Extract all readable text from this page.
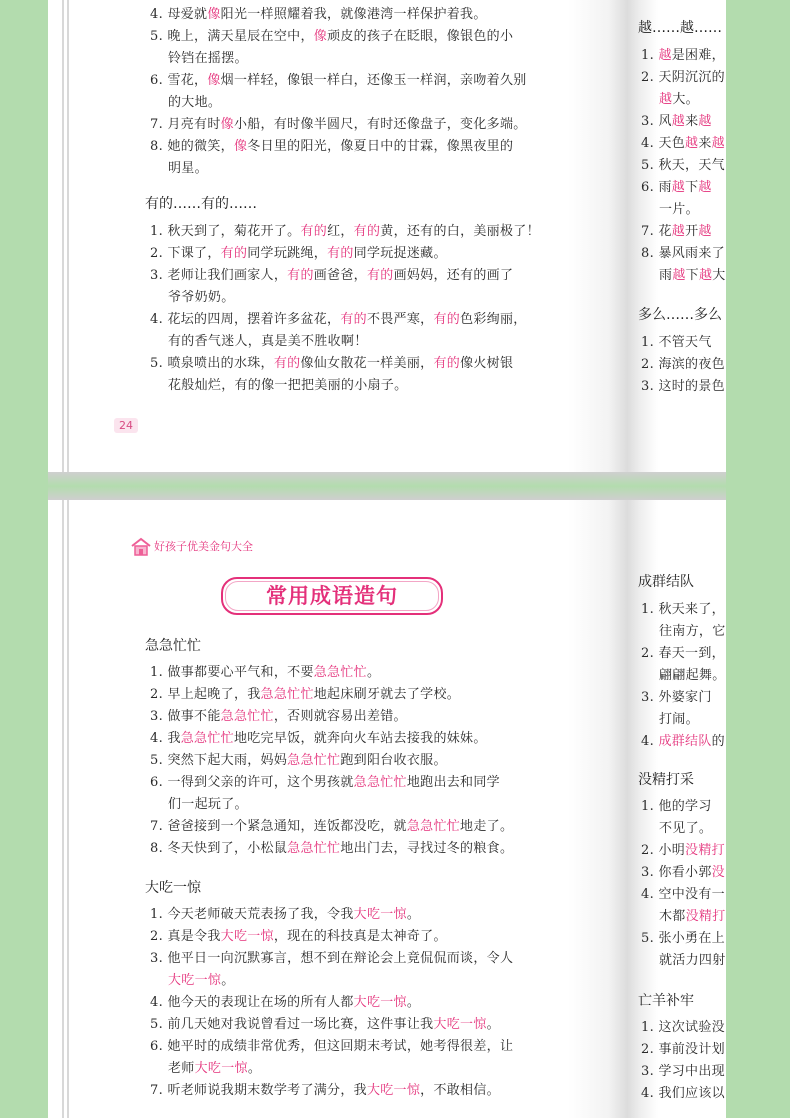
有的……有的……
24
越……越……
多么……多么
好孩子优美金句大全
常用成语造句
急急忙忙
大吃一惊
成群结队
没精打采
亡羊补牢
4. 母爱就像阳光一样照耀着我，就像港湾一样保护着我。
5. 晚上，满天星辰在空中，像顽皮的孩子在眨眼，像银色的小
铃铛在摇摆。
6. 雪花，像烟一样轻，像银一样白，还像玉一样润，亲吻着久别
的大地。
7. 月亮有时像小船，有时像半圆尺，有时还像盘子，变化多端。
8. 她的微笑，像冬日里的阳光，像夏日中的甘霖，像黑夜里的
明星。
1. 秋天到了，菊花开了。有的红，有的黄，还有的白，美丽极了！
2. 下课了，有的同学玩跳绳，有的同学玩捉迷藏。
3. 老师让我们画家人，有的画爸爸，有的画妈妈，还有的画了
爷爷奶奶。
4. 花坛的四周，摆着许多盆花，有的不畏严寒，有的色彩绚丽，
有的香气迷人，真是美不胜收啊！
5. 喷泉喷出的水珠，有的像仙女散花一样美丽，有的像火树银
花般灿烂，有的像一把把美丽的小扇子。
1. 越是困难，
2. 天阴沉沉的
越大。
3. 风越来越
4. 天色越来越
5. 秋天，天气
6. 雨越下越
一片。
7. 花越开越
8. 暴风雨来了
雨越下越大
1. 不管天气
2. 海滨的夜色
3. 这时的景色
1. 做事都要心平气和，不要急急忙忙。
2. 早上起晚了，我急急忙忙地起床刷牙就去了学校。
3. 做事不能急急忙忙，否则就容易出差错。
4. 我急急忙忙地吃完早饭，就奔向火车站去接我的妹妹。
5. 突然下起大雨，妈妈急急忙忙跑到阳台收衣服。
6. 一得到父亲的许可，这个男孩就急急忙忙地跑出去和同学
们一起玩了。
7. 爸爸接到一个紧急通知，连饭都没吃，就急急忙忙地走了。
8. 冬天快到了，小松鼠急急忙忙地出门去，寻找过冬的粮食。
1. 今天老师破天荒表扬了我，令我大吃一惊。
2. 真是令我大吃一惊，现在的科技真是太神奇了。
3. 他平日一向沉默寡言，想不到在辩论会上竟侃侃而谈，令人
大吃一惊。
4. 他今天的表现让在场的所有人都大吃一惊。
5. 前几天她对我说曾看过一场比赛，这件事让我大吃一惊。
6. 她平时的成绩非常优秀，但这回期末考试，她考得很差，让
老师大吃一惊。
7. 听老师说我期末数学考了满分，我大吃一惊，不敢相信。
1. 秋天来了，
往南方，它
2. 春天一到，
翩翩起舞。
3. 外婆家门
打闹。
4. 成群结队的
1. 他的学习
不见了。
2. 小明没精打
3. 你看小郭没
4. 空中没有一
木都没精打
5. 张小勇在上
就活力四射
1. 这次试验没
2. 事前没计划
3. 学习中出现
4. 我们应该以
